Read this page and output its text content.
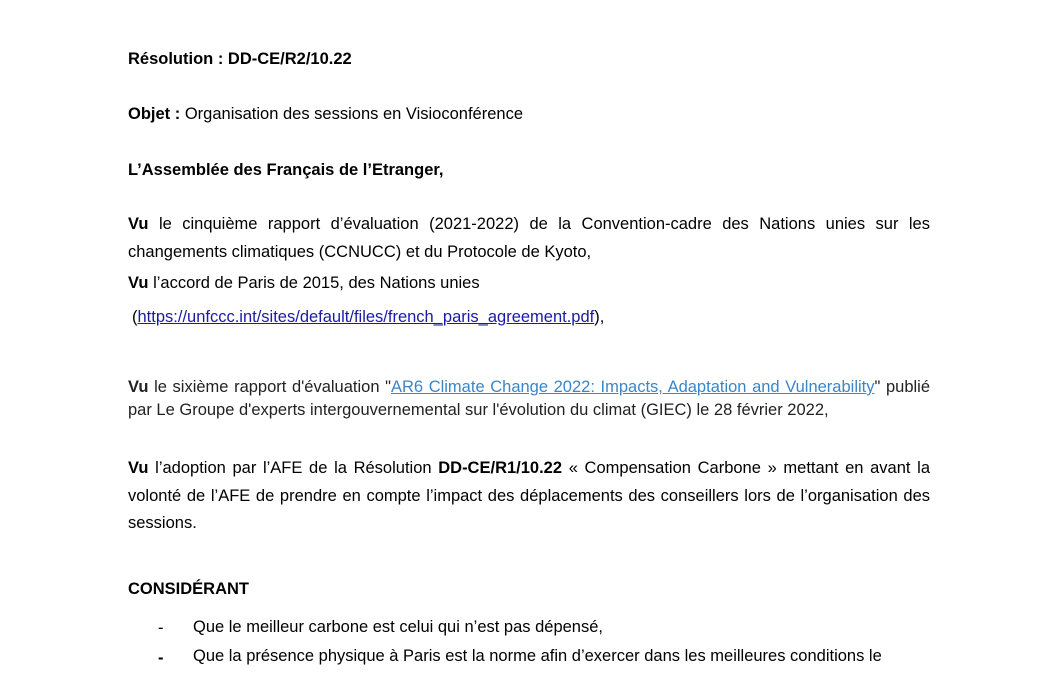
Résolution : DD-CE/R2/10.22
Objet : Organisation des sessions en Visioconférence
L’Assemblée des Français de l’Etranger,
Vu le cinquième rapport d’évaluation (2021-2022) de la Convention-cadre des Nations unies sur les changements climatiques (CCNUCC) et du Protocole de Kyoto,
Vu l’accord de Paris de 2015, des Nations unies
(https://unfccc.int/sites/default/files/french_paris_agreement.pdf),
Vu le sixième rapport d'évaluation "AR6 Climate Change 2022: Impacts, Adaptation and Vulnerability" publié par Le Groupe d'experts intergouvernemental sur l'évolution du climat (GIEC) le 28 février 2022,
Vu l’adoption par l’AFE de la Résolution DD-CE/R1/10.22 « Compensation Carbone » mettant en avant la volonté de l’AFE de prendre en compte l’impact des déplacements des conseillers lors de l’organisation des sessions.
CONSIDÉRANT
- Que le meilleur carbone est celui qui n’est pas dépensé,
- Que la présence physique à Paris est la norme afin d’exercer dans les meilleures conditions le
